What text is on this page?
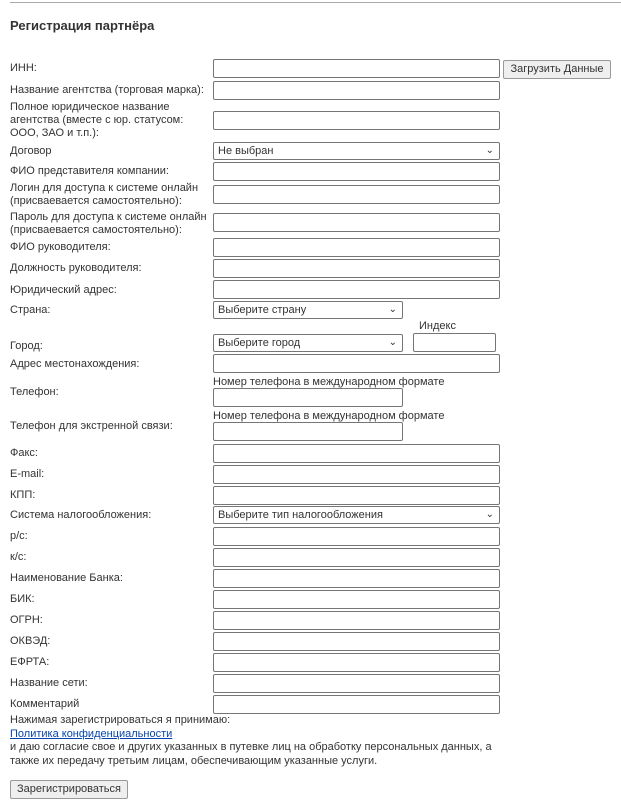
Регистрация партнёра
ИНН:	Загрузить Данные
Название агентства (торговая марка):
Полное юридическое название агентства (вместе с юр. статусом: ООО, ЗАО и т.п.):
Договор	Не выбран	⌄
ФИО представителя компании:
Логин для доступа к системе онлайн (присваевается самостоятельно):
Пароль для доступа к системе онлайн (присваевается самостоятельно):
ФИО руководителя:
Должность руководителя:
Юридический адрес:
Страна:	Выберите страну	⌄
Индекс
Город:	Выберите город	⌄
Адрес местонахождения:
Номер телефона в международном формате
Телефон:
Номер телефона в международном формате
Телефон для экстренной связи:
Факс:
E-mail:
КПП:
Система налогообложения:	Выберите тип налогообложения	⌄
р/с:
к/с:
Наименование Банка:
БИК:
ОГРН:
ОКВЭД:
ЕФРТА:
Название сети:
Комментарий
Нажимая зарегистрироваться я принимаю:
Политика конфиденциальности
и даю согласие свое и других указанных в путевке лиц на обработку персональных данных, а
также их передачу третьим лицам, обеспечивающим указанные услуги.
Зарегистрироваться
